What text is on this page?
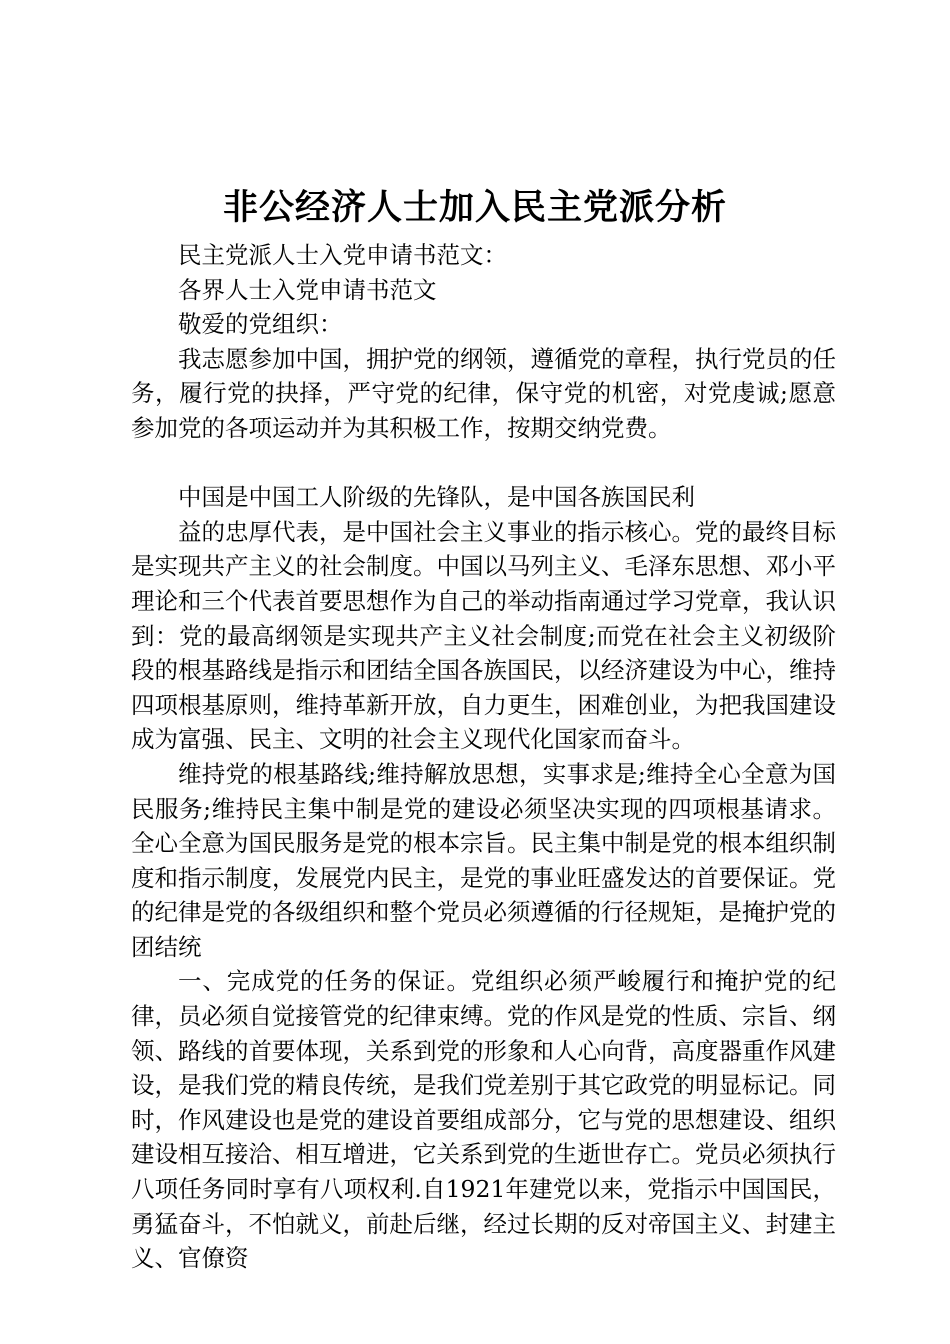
非公经济人士加入民主党派分析

民主党派人士入党申请书范文：

各界人士入党申请书范文

敬爱的党组织：

我志愿参加中国，拥护党的纲领，遵循党的章程，执行党员的任务，履行党的抉择，严守党的纪律，保守党的机密，对党虔诚;愿意参加党的各项运动并为其积极工作，按期交纳党费。

中国是中国工人阶级的先锋队，是中国各族国民利

益的忠厚代表，是中国社会主义事业的指示核心。党的最终目标是实现共产主义的社会制度。中国以马列主义、毛泽东思想、邓小平理论和三个代表首要思想作为自己的举动指南通过学习党章，我认识到：党的最高纲领是实现共产主义社会制度;而党在社会主义初级阶段的根基路线是指示和团结全国各族国民，以经济建设为中心，维持四项根基原则，维持革新开放，自力更生，困难创业，为把我国建设成为富强、民主、文明的社会主义现代化国家而奋斗。

维持党的根基路线;维持解放思想，实事求是;维持全心全意为国民服务;维持民主集中制是党的建设必须坚决实现的四项根基请求。全心全意为国民服务是党的根本宗旨。民主集中制是党的根本组织制度和指示制度，发展党内民主，是党的事业旺盛发达的首要保证。党的纪律是党的各级组织和整个党员必须遵循的行径规矩，是掩护党的团结统

一、完成党的任务的保证。党组织必须严峻履行和掩护党的纪律，员必须自觉接管党的纪律束缚。党的作风是党的性质、宗旨、纲领、路线的首要体现，关系到党的形象和人心向背，高度器重作风建设，是我们党的精良传统，是我们党差别于其它政党的明显标记。同时，作风建设也是党的建设首要组成部分，它与党的思想建设、组织建设相互接洽、相互增进，它关系到党的生逝世存亡。党员必须执行八项任务同时享有八项权利.自1921年建党以来，党指示中国国民，勇猛奋斗，不怕就义，前赴后继，经过长期的反对帝国主义、封建主义、官僚资
